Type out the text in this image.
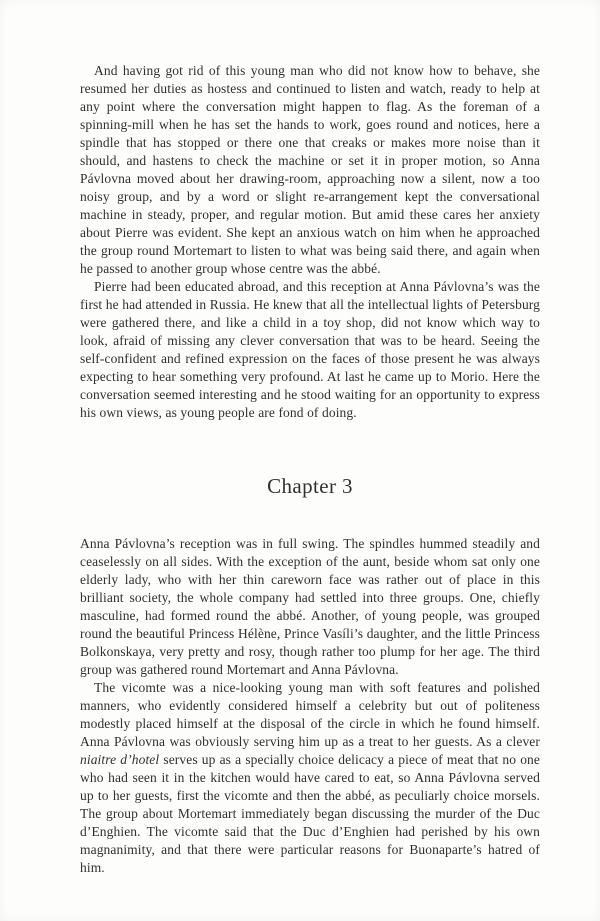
And having got rid of this young man who did not know how to behave, she resumed her duties as hostess and continued to listen and watch, ready to help at any point where the conversation might happen to flag. As the foreman of a spinning-mill when he has set the hands to work, goes round and notices, here a spindle that has stopped or there one that creaks or makes more noise than it should, and hastens to check the machine or set it in proper motion, so Anna Pávlovna moved about her drawing-room, approaching now a silent, now a too noisy group, and by a word or slight re-arrangement kept the conversational machine in steady, proper, and regular motion. But amid these cares her anxiety about Pierre was evident. She kept an anxious watch on him when he approached the group round Mortemart to listen to what was being said there, and again when he passed to another group whose centre was the abbé.

Pierre had been educated abroad, and this reception at Anna Pávlovna’s was the first he had attended in Russia. He knew that all the intellectual lights of Petersburg were gathered there, and like a child in a toy shop, did not know which way to look, afraid of missing any clever conversation that was to be heard. Seeing the self-confident and refined expression on the faces of those present he was always expecting to hear something very profound. At last he came up to Morio. Here the conversation seemed interesting and he stood waiting for an opportunity to express his own views, as young people are fond of doing.

Chapter 3

Anna Pávlovna’s reception was in full swing. The spindles hummed steadily and ceaselessly on all sides. With the exception of the aunt, beside whom sat only one elderly lady, who with her thin careworn face was rather out of place in this brilliant society, the whole company had settled into three groups. One, chiefly masculine, had formed round the abbé. Another, of young people, was grouped round the beautiful Princess Hélène, Prince Vasíli’s daughter, and the little Princess Bolkonskaya, very pretty and rosy, though rather too plump for her age. The third group was gathered round Mortemart and Anna Pávlovna.

The vicomte was a nice-looking young man with soft features and polished manners, who evidently considered himself a celebrity but out of politeness modestly placed himself at the disposal of the circle in which he found himself. Anna Pávlovna was obviously serving him up as a treat to her guests. As a clever niaitre d’hotel serves up as a specially choice delicacy a piece of meat that no one who had seen it in the kitchen would have cared to eat, so Anna Pávlovna served up to her guests, first the vicomte and then the abbé, as peculiarly choice morsels. The group about Mortemart immediately began discussing the murder of the Duc d’Enghien. The vicomte said that the Duc d’Enghien had perished by his own magnanimity, and that there were particular reasons for Buonaparte’s hatred of him.
